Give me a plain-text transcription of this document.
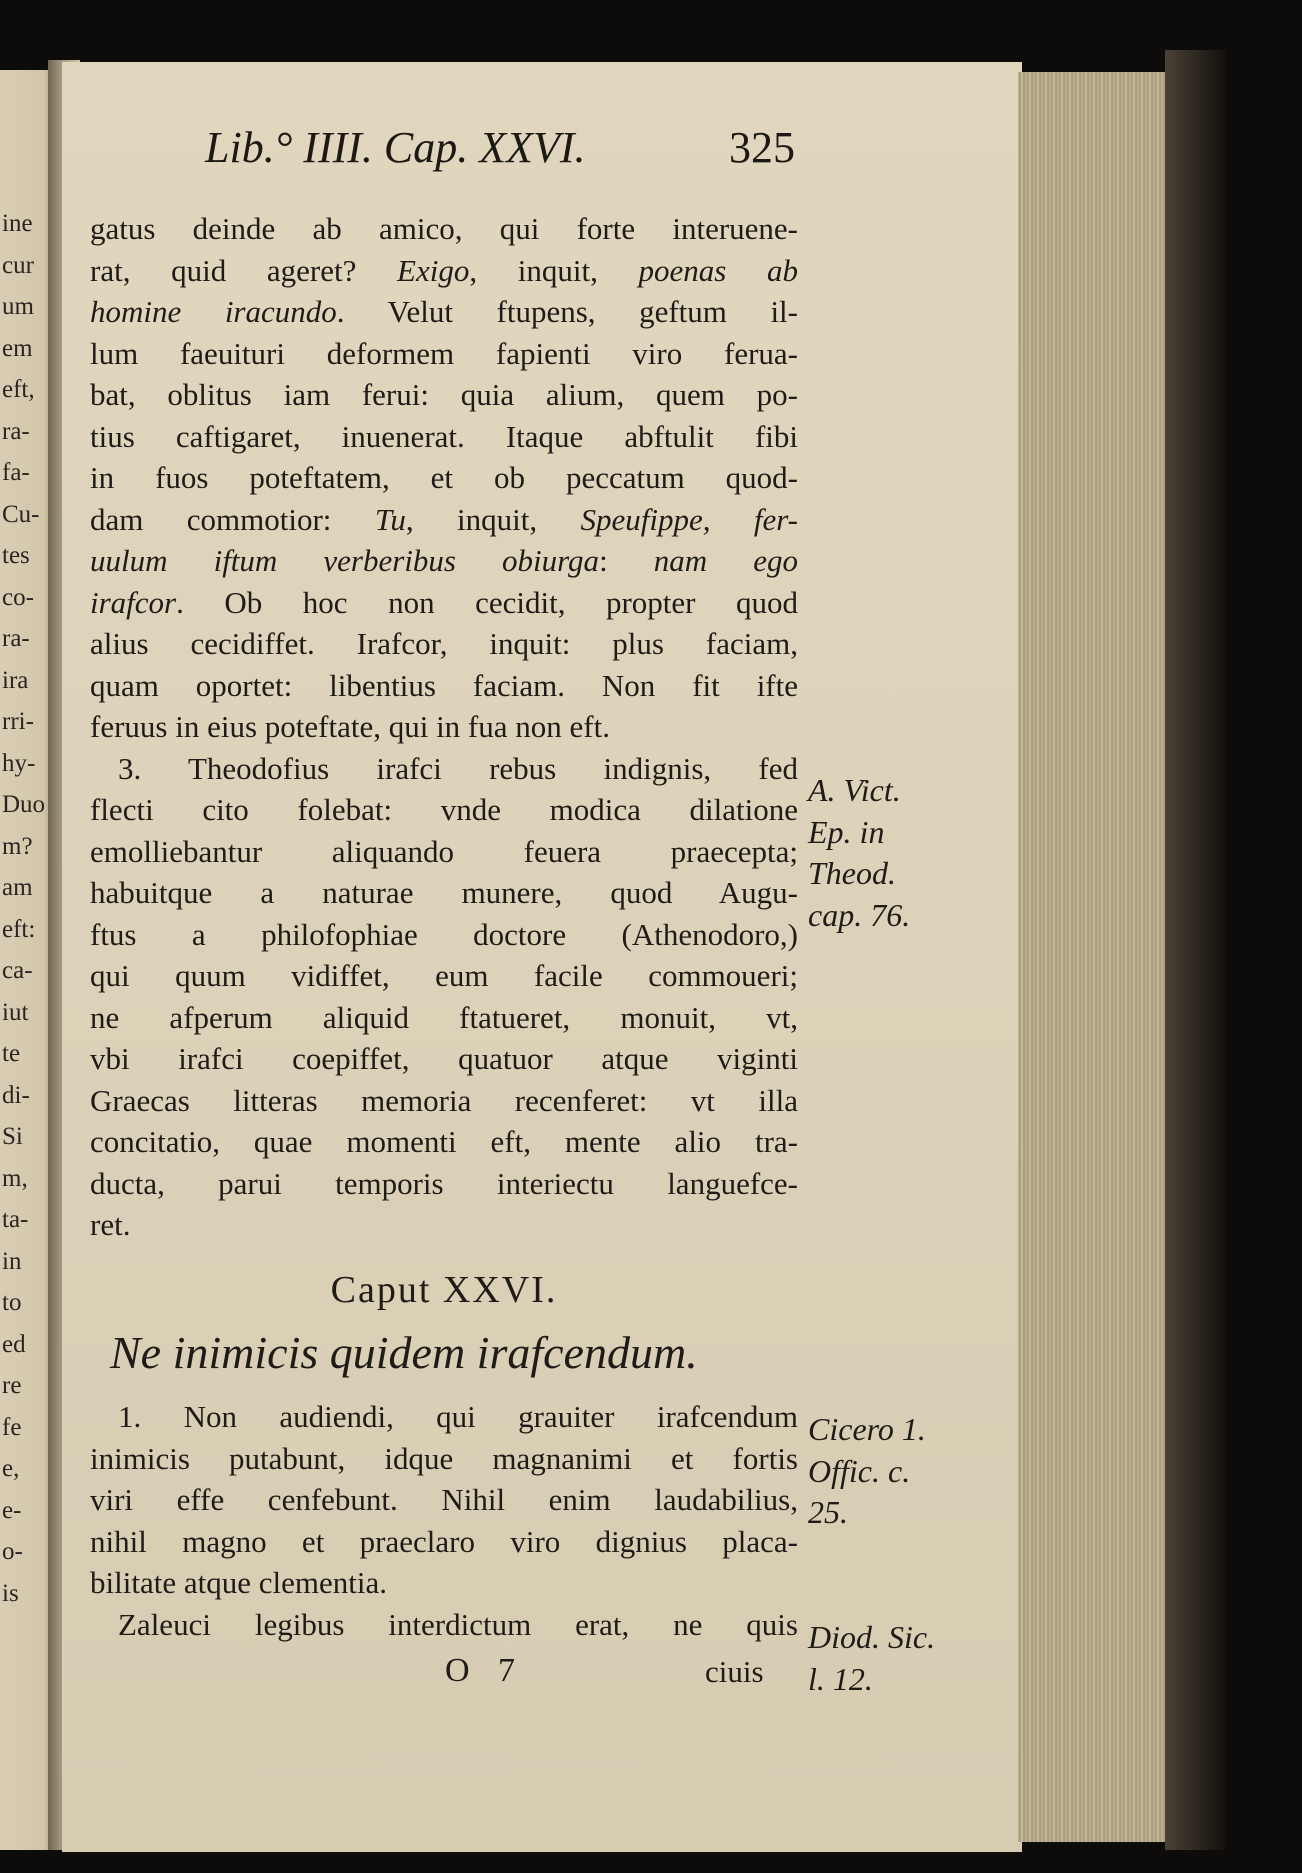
ine
cur
um
em
eft,
ra-
fa-
Cu-
tes
co-
ra-
ira
rri-
hy-
Duo
m?
am
eft:
ca-
iut
te
di-
Si
m,
ta-
in
to
ed
re
fe
e,
e-
o-
is
Lib.° IIII. Cap. XXVI.	325
gatus deinde ab amico, qui forte interuene-
rat, quid ageret? Exigo, inquit, poenas ab
homine iracundo. Velut ftupens, geftum il-
lum faeuituri deformem fapienti viro ferua-
bat, oblitus iam ferui: quia alium, quem po-
tius caftigaret, inuenerat. Itaque abftulit fibi
in fuos poteftatem, et ob peccatum quod-
dam commotior: Tu, inquit, Speufippe, fer-
uulum iftum verberibus obiurga: nam ego
irafcor. Ob hoc non cecidit, propter quod
alius cecidiffet. Irafcor, inquit: plus faciam,
quam oportet: libentius faciam. Non fit ifte
feruus in eius poteftate, qui in fua non eft.
3. Theodofius irafci rebus indignis, fed
flecti cito folebat: vnde modica dilatione
emolliebantur aliquando feuera praecepta;
habuitque a naturae munere, quod Augu-
ftus a philofophiae doctore (Athenodoro,)
qui quum vidiffet, eum facile commoueri;
ne afperum aliquid ftatueret, monuit, vt,
vbi irafci coepiffet, quatuor atque viginti
Graecas litteras memoria recenferet: vt illa
concitatio, quae momenti eft, mente alio tra-
ducta, parui temporis interiectu languefce-
ret.
Caput XXVI.
Ne inimicis quidem irafcendum.
1. Non audiendi, qui grauiter irafcendum
inimicis putabunt, idque magnanimi et fortis
viri effe cenfebunt. Nihil enim laudabilius,
nihil magno et praeclaro viro dignius placa-
bilitate atque clementia.
Zaleuci legibus interdictum erat, ne quis
A. Vict.
Ep. in
Theod.
cap. 76.
Cicero 1.
Offic. c.
25.
Diod. Sic.
l. 12.
O 7	ciuis
